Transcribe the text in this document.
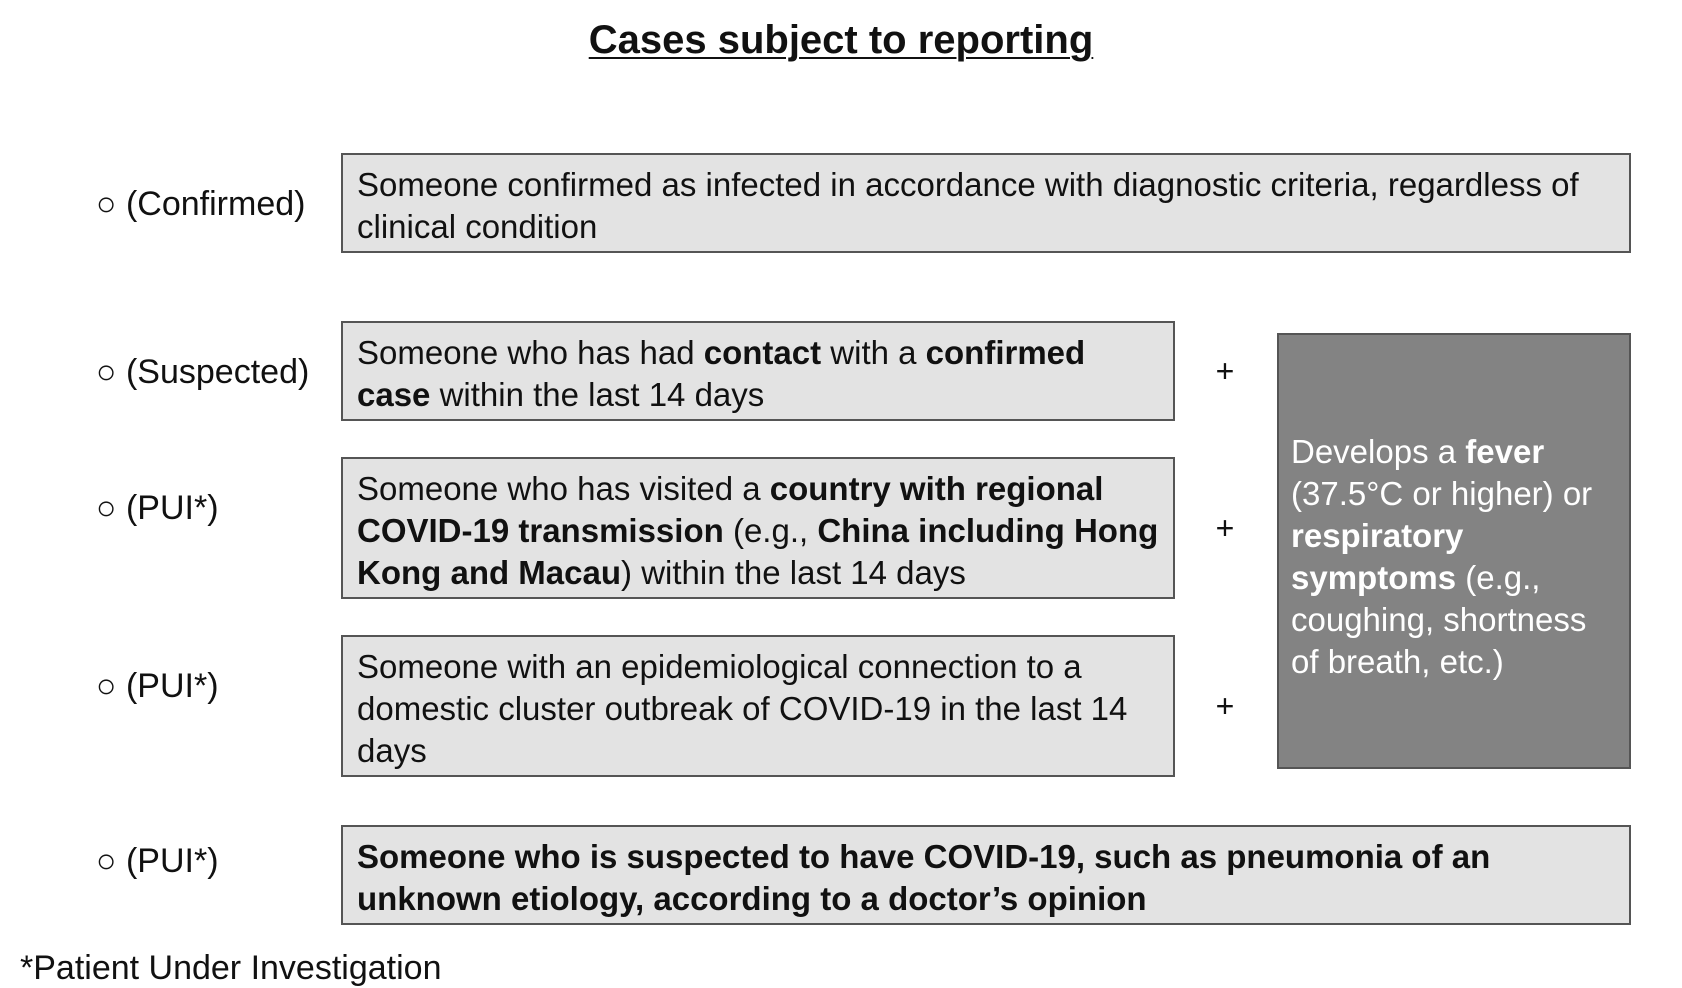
Cases subject to reporting
○ (Confirmed)
Someone confirmed as infected in accordance with diagnostic criteria, regardless of clinical condition
○ (Suspected)
Someone who has had contact with a confirmed case within the last 14 days
+
○ (PUI*)
Someone who has visited a country with regional COVID-19 transmission (e.g., China including Hong Kong and Macau) within the last 14 days
+
○ (PUI*)
Someone with an epidemiological connection to a domestic cluster outbreak of COVID-19 in the last 14 days
+
Develops a fever (37.5°C or higher) or respiratory symptoms (e.g., coughing, shortness of breath, etc.)
○ (PUI*)	Someone who is suspected to have COVID-19, such as pneumonia of an unknown etiology, according to a doctor’s opinion
*Patient Under Investigation
